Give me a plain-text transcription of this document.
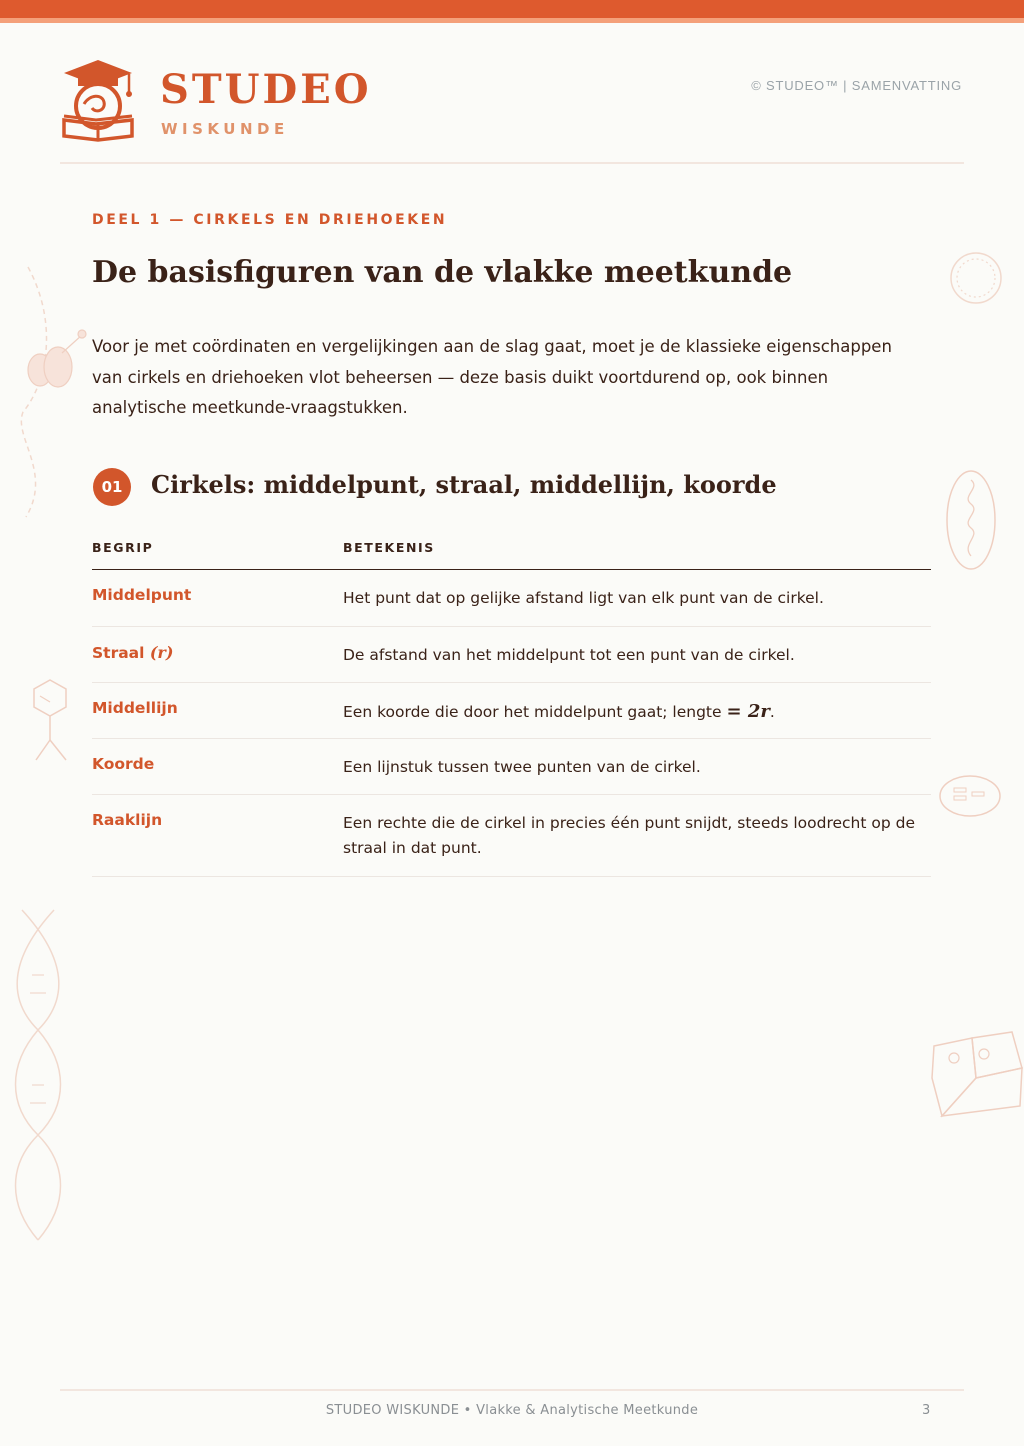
STUDEO
WISKUNDE
© STUDEO™ | SAMENVATTING
DEEL 1 — CIRKELS EN DRIEHOEKEN
De basisfiguren van de vlakke meetkunde

Voor je met coördinaten en vergelijkingen aan de slag gaat, moet je de klassieke eigenschappen van cirkels en driehoeken vlot beheersen — deze basis duikt voortdurend op, ook binnen analytische meetkunde-vraagstukken.

01	Cirkels: middelpunt, straal, middellijn, koorde
BEGRIP	BETEKENIS
Middelpunt	Het punt dat op gelijke afstand ligt van elk punt van de cirkel.
Straal (r)	De afstand van het middelpunt tot een punt van de cirkel.
Middellijn	Een koorde die door het middelpunt gaat; lengte = 2r.
Koorde	Een lijnstuk tussen twee punten van de cirkel.
Raaklijn	Een rechte die de cirkel in precies één punt snijdt, steeds loodrecht op de straal in dat punt.
STUDEO WISKUNDE • Vlakke & Analytische Meetkunde	3
